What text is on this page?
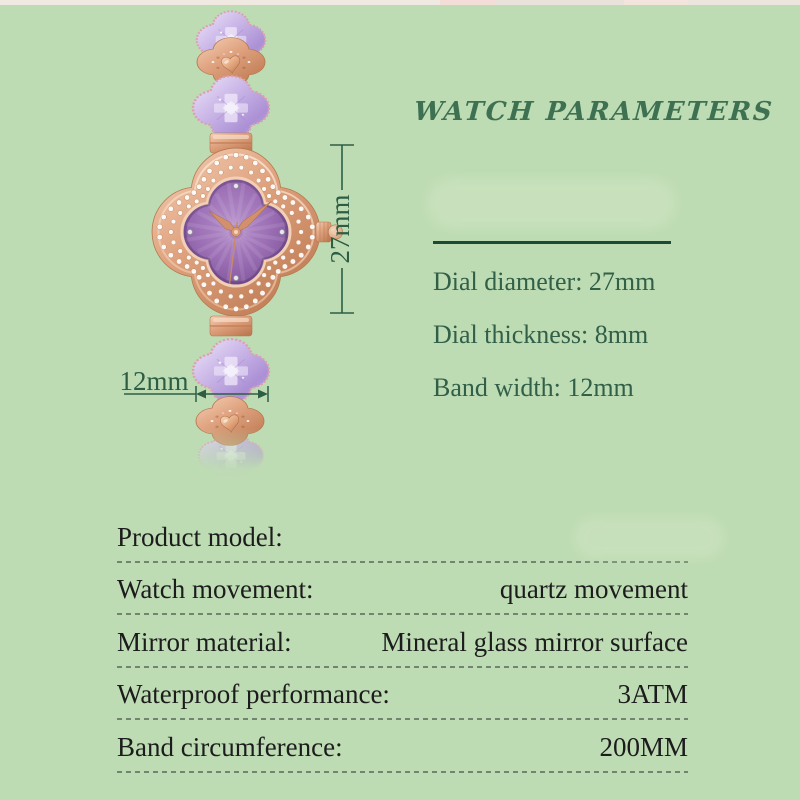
27mm
12mm
WATCH PARAMETERS
Dial diameter: 27mm
Dial thickness: 8mm
Band width: 12mm
Product model:
Watch movement:	quartz movement
Mirror material:	Mineral glass mirror surface
Waterproof performance:	3ATM
Band circumference:	200MM
